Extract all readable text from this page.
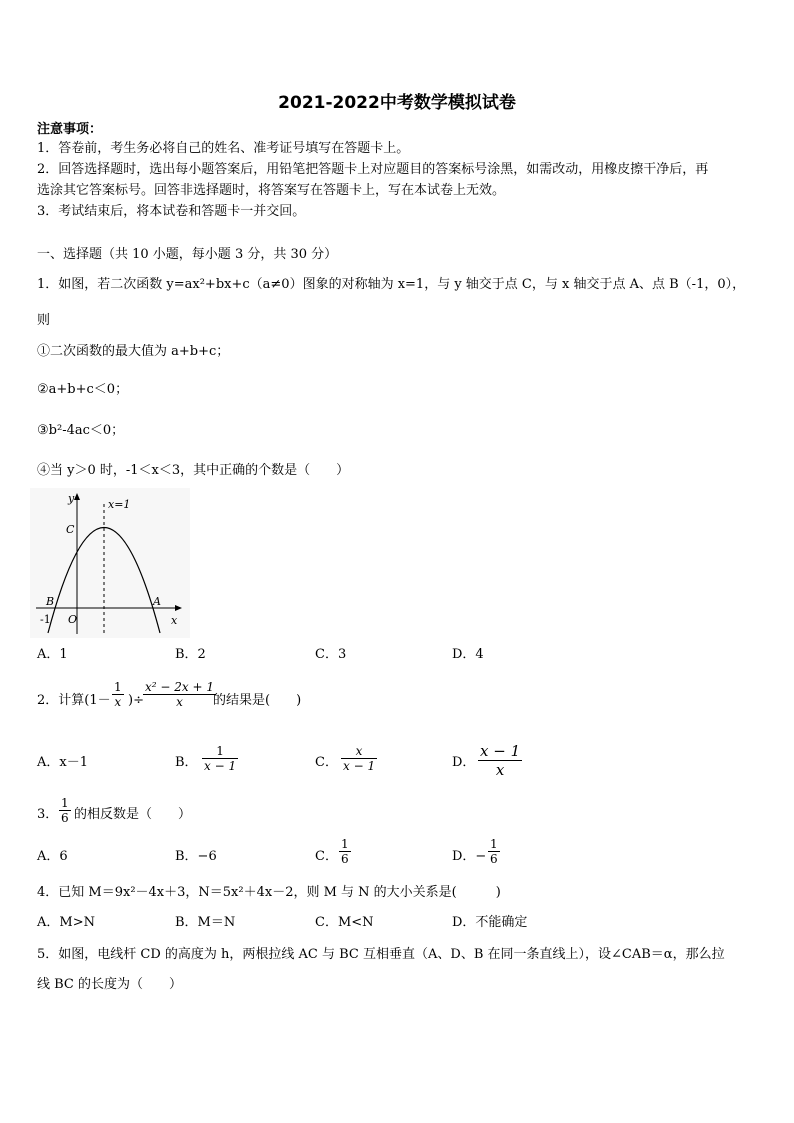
2021-2022中考数学模拟试卷
注意事项：
1．答卷前，考生务必将自己的姓名、准考证号填写在答题卡上。
2．回答选择题时，选出每小题答案后，用铅笔把答题卡上对应题目的答案标号涂黑，如需改动，用橡皮擦干净后，再
选涂其它答案标号。回答非选择题时，将答案写在答题卡上，写在本试卷上无效。
3．考试结束后，将本试卷和答题卡一并交回。
一、选择题（共 10 小题，每小题 3 分，共 30 分）
1．如图，若二次函数 y=ax²+bx+c（a≠0）图象的对称轴为 x=1，与 y 轴交于点 C，与 x 轴交于点 A、点 B（-1，0），
则
①二次函数的最大值为 a+b+c；
②a+b+c＜0；
③b²-4ac＜0；
④当 y＞0 时，-1＜x＜3，其中正确的个数是（　　）
y	x=1
C
B	A
-1 O	x
A．1	B．2	C．3	D．4
2．计算($1- \frac{1}{x}$ )÷ $\frac{\text{x² − 2x + 1}}{x}$
的结果是(　　)
A．x－1	B． $\frac{1}{x - 1}$	C． $\frac{x}{x - 1}$	D． $\frac{x - 1}{x}$
3． $\frac{1}{6}$ 的相反数是（　　）
A．6	B．−6	C． $\frac{1}{6}$	D．− $\frac{1}{6}$
4．已知 M＝9x²－4x＋3，N＝5x²＋4x－2，则 M 与 N 的大小关系是(　　　)
A．M>N	B．M＝N	C．M<N	D．不能确定
5．如图，电线杆 CD 的高度为 h，两根拉线 AC 与 BC 互相垂直（A、D、B 在同一条直线上），设∠CAB＝α，那么拉
线 BC 的长度为（　　）
